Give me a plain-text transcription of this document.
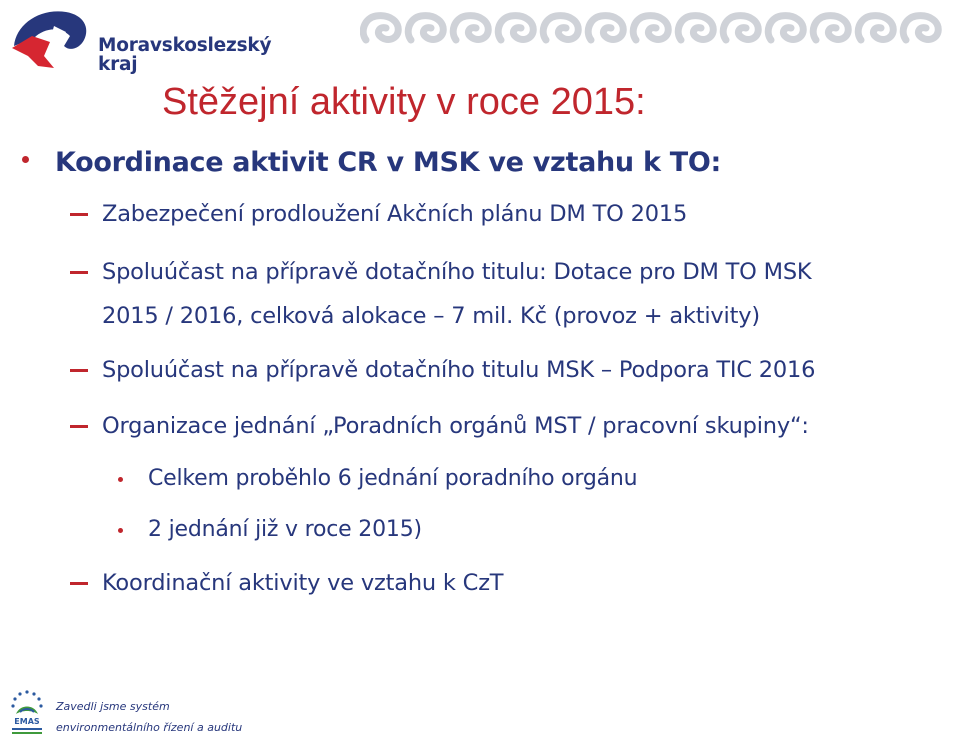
Moravskoslezský
kraj
Stěžejní aktivity v roce 2015:
Koordinace aktivit CR v MSK ve vztahu k TO:
Zabezpečení prodloužení Akčních plánu DM TO 2015
Spoluúčast na přípravě dotačního titulu: Dotace pro DM TO MSK
2015 / 2016, celková alokace – 7 mil. Kč (provoz + aktivity)
Spoluúčast na přípravě dotačního titulu MSK – Podpora TIC 2016
Organizace jednání „Poradních orgánů MST / pracovní skupiny“:
Celkem proběhlo 6 jednání poradního orgánu
2 jednání již v roce 2015)
Koordinační aktivity ve vztahu k CzT
EMAS
Zavedli jsme systém
environmentálního řízení a auditu
